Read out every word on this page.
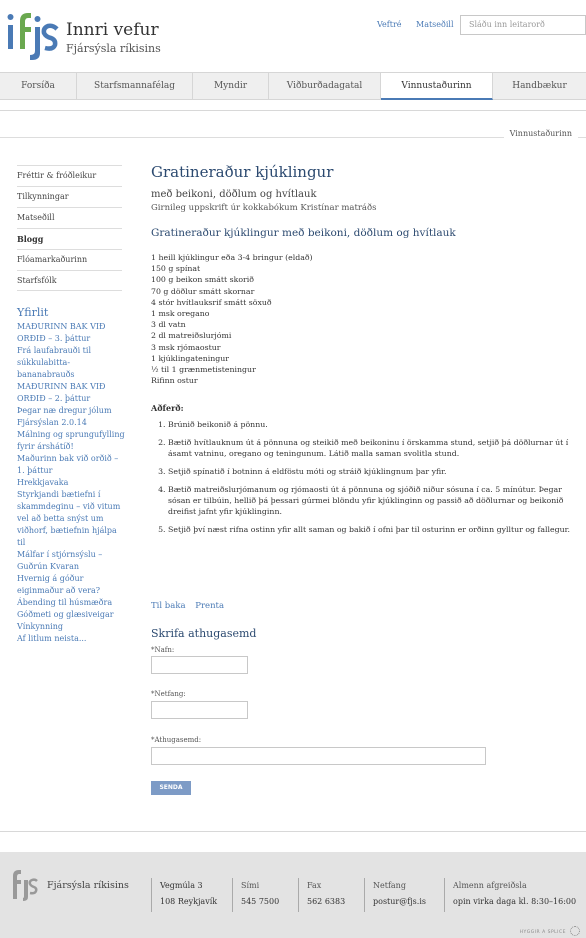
Innri vefur
Fjársýsla ríkisins
Veftré Matseðill	Sláðu inn leitarorð
Forsíða	Starfsmannafélag	Myndir	Viðburðadagatal	Vinnustaðurinn	Handbækur
Vinnustaðurinn
Fréttir & fróðleikur
Tilkynningar
Matseðill
Blogg
Flóamarkaðurinn
Starfsfólk
Yfirlit
MAÐURINN BAK VIÐ ORÐIÐ – 3. þáttur
Frá laufabrauði til súkkulabitta-bananabrauðs
MAÐURINN BAK VIÐ ORÐIÐ – 2. þáttur
Þegar næ dregur jólum
Fjársýslan 2.0.14
Málning og sprungufylling fyrir árshátíð!
Maðurinn bak við orðið – 1. þáttur
Hrekkjavaka
Styrkjandi bætiefni í skammdeginu – við vitum vel að betta snýst um viðhorf, bætiefnin hjálpa til
Málfar í stjórnsýslu – Guðrún Kvaran
Hvernig á góður eiginmaður að vera?
Ábending til húsmæðra
Góðmeti og glæsiveigar
Vínkynning
Af litlum neista...
Gratineraður kjúklingur
með beikoni, döðlum og hvítlauk
Girnileg uppskrift úr kokkabókum Kristínar matráðs
Gratineraður kjúklingur með beikoni, döðlum og hvítlauk
1 heill kjúklingur eða 3-4 bringur (eldað)
150 g spínat
100 g beikon smátt skorið
70 g döðlur smátt skornar
4 stór hvítlauksrif smátt söxuð
1 msk oregano
3 dl vatn
2 dl matreiðslurjómi
3 msk rjómaostur
1 kjúklingateningur
½ til 1 grænmetisteningur
Rifinn ostur
Aðferð:
1. Brúnið beikonið á pönnu.
2. Bætið hvítlauknum út á pönnuna og steikið með beikoninu í örskamma stund, setjið þá döðlurnar út í ásamt vatninu, oregano og teningunum. Látið malla saman svolitla stund.
3. Setjið spínatið í botninn á eldföstu móti og stráið kjúklingnum þar yfir.
4. Bætið matreiðslurjómanum og rjómaosti út á pönnuna og sjóðið niður sósuna í ca. 5 mínútur. Þegar sósan er tilbúin, hellið þá þessari gúrmei blöndu yfir kjúklinginn og passið að döðlurnar og beikonið dreifist jafnt yfir kjúklinginn.
5. Setjið því næst rifna ostinn yfir allt saman og bakið í ofni þar til osturinn er orðinn gylltur og fallegur.
Til baka Prenta
Skrifa athugasemd
*Nafn:
*Netfang:
*Athugasemd:
SENDA
Fjársýsla ríkisins	Vegmúla 3
108 Reykjavík
Sími
545 7500
Fax
562 6383
Netfang
postur@fjs.is
Almenn afgreiðsla
opin virka daga kl. 8:30–16:00
HYGGIR A SPLICE
